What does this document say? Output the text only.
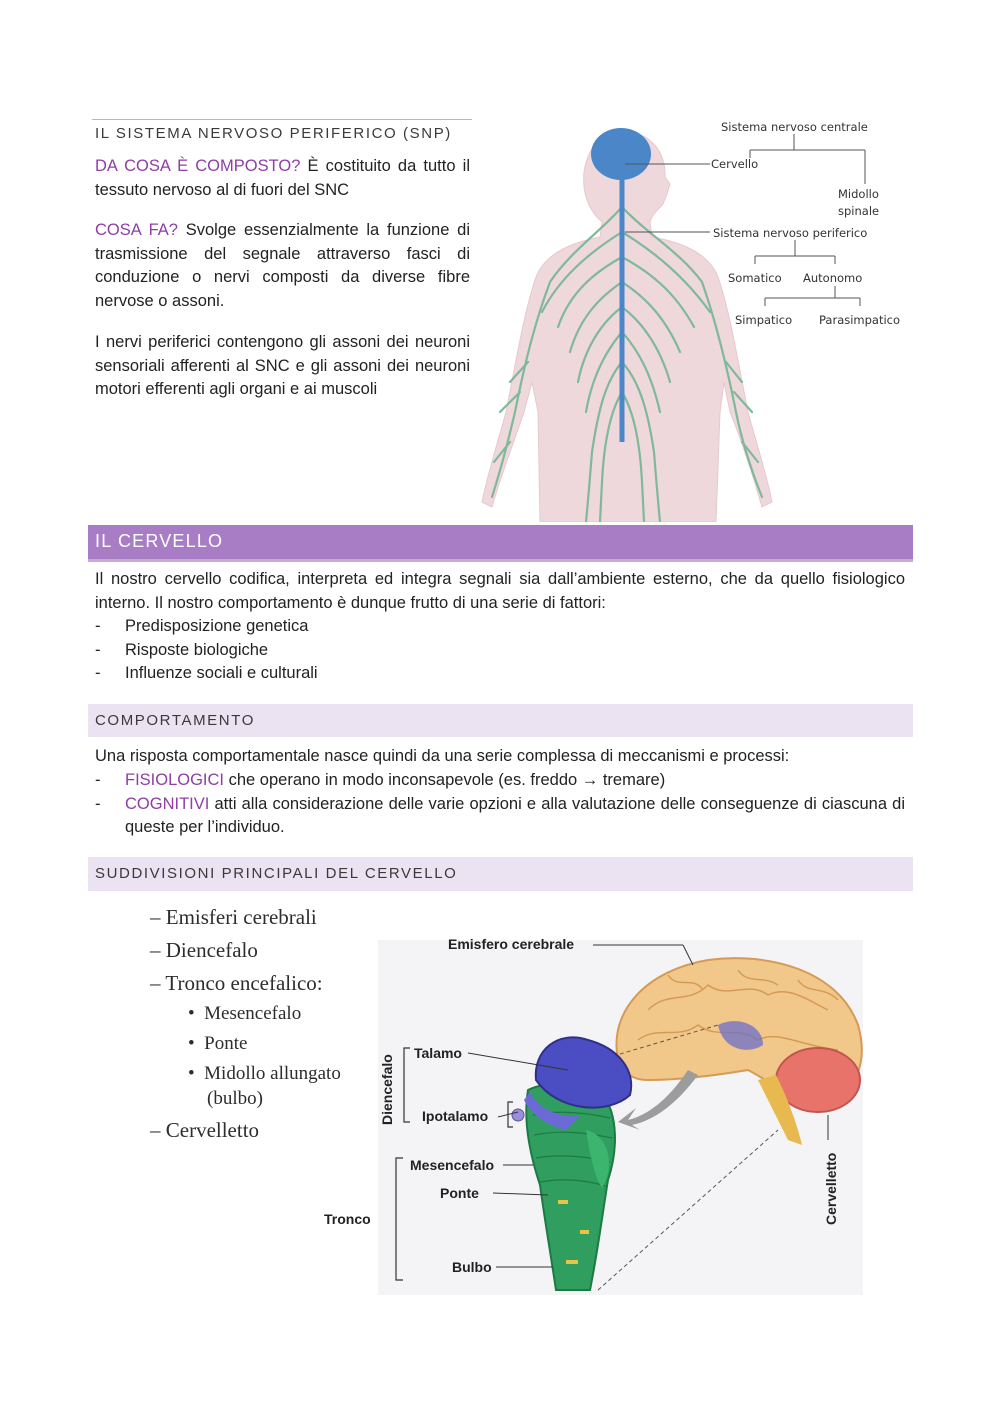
IL SISTEMA NERVOSO PERIFERICO (SNP)
DA COSA È COMPOSTO? È costituito da tutto il tessuto nervoso al di fuori del SNC
COSA FA? Svolge essenzialmente la funzione di trasmissione del segnale attraverso fasci di conduzione o nervi composti da diverse fibre nervose o assoni.
I nervi periferici contengono gli assoni dei neuroni sensoriali afferenti al SNC e gli assoni dei neuroni motori efferenti agli organi e ai muscoli
Sistema nervoso centrale
Cervello
Midollo
spinale
Sistema nervoso periferico
Somatico Autonomo
Simpatico Parasimpatico
IL CERVELLO
Il nostro cervello codifica, interpreta ed integra segnali sia dall’ambiente esterno, che da quello fisiologico interno. Il nostro comportamento è dunque frutto di una serie di fattori:
- Predisposizione genetica
- Risposte biologiche
- Influenze sociali e culturali
COMPORTAMENTO
Una risposta comportamentale nasce quindi da una serie complessa di meccanismi e processi:
- FISIOLOGICI che operano in modo inconsapevole (es. freddo → tremare)
- COGNITIVI atti alla considerazione delle varie opzioni e alla valutazione delle conseguenze di ciascuna di queste per l’individuo.
SUDDIVISIONI PRINCIPALI DEL CERVELLO
– Emisferi cerebrali
– Diencefalo
– Tronco encefalico:
•  Mesencefalo
•  Ponte
•  Midollo allungato
(bulbo)
– Cervelletto
Emisfero cerebrale
Talamo
Ipotalamo
Diencefalo
Mesencefalo
Ponte
Tronco
Bulbo
Cervelletto
